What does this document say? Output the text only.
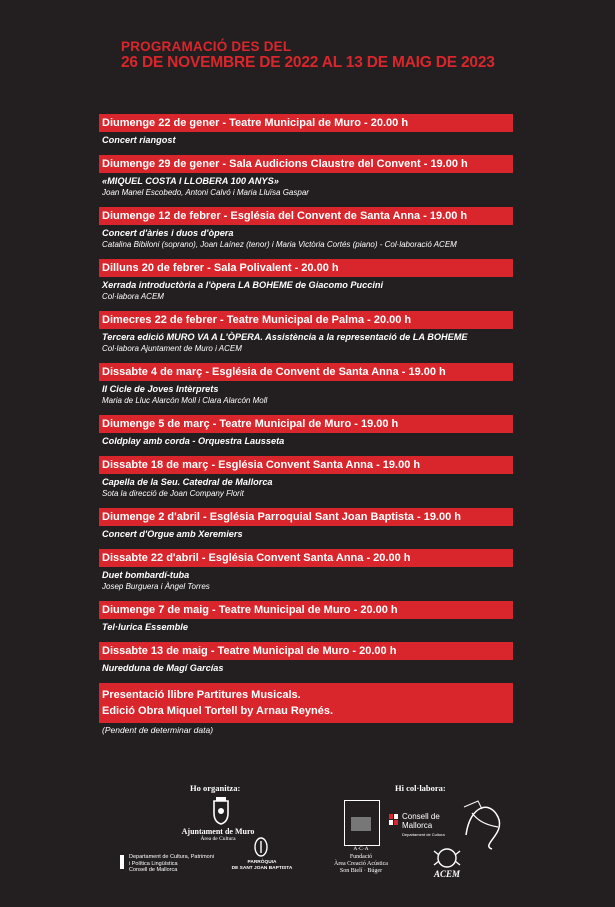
PROGRAMACIÓ DES DEL
26 DE NOVEMBRE DE 2022 AL 13 DE MAIG DE 2023
Diumenge 22 de gener - Teatre Municipal de Muro - 20.00 h
Concert riangost
Diumenge 29 de gener - Sala Audicions Claustre del Convent - 19.00 h
«MIQUEL COSTA I LLOBERA 100 ANYS»
Joan Manel Escobedo, Antoni Calvó i Maria Lluïsa Gaspar
Diumenge 12 de febrer - Església del Convent de Santa Anna - 19.00 h
Concert d'àries i duos d'òpera
Catalina Bibiloni (soprano), Joan Laínez (tenor) i Maria Victòria Cortés (piano) - Col·laboració ACEM
Dilluns 20 de febrer - Sala Polivalent - 20.00 h
Xerrada introductòria a l'òpera LA BOHEME de Giacomo Puccini
Col·labora ACEM
Dimecres 22 de febrer - Teatre Municipal de Palma - 20.00 h
Tercera edició MURO VA A L'ÒPERA. Assistència a la representació de LA BOHEME
Col·labora Ajuntament de Muro i ACEM
Dissabte 4 de març - Església de Convent de Santa Anna - 19.00 h
II Cicle de Joves Intèrprets
Maria de Lluc Alarcón Moll i Clara Alarcón Moll
Diumenge 5 de març - Teatre Municipal de Muro - 19.00 h
Coldplay amb corda - Orquestra Lausseta
Dissabte 18 de març - Església Convent Santa Anna - 19.00 h
Capella de la Seu. Catedral de Mallorca
Sota la direcció de Joan Company Florit
Diumenge 2 d'abril - Església Parroquial Sant Joan Baptista - 19.00 h
Concert d'Orgue amb Xeremiers
Dissabte 22 d'abril - Església Convent Santa Anna - 20.00 h
Duet bombardí-tuba
Josep Burguera i Àngel Torres
Diumenge 7 de maig - Teatre Municipal de Muro - 20.00 h
Tel·lurica Essemble
Dissabte 13 de maig - Teatre Municipal de Muro - 20.00 h
Nuredduna de Magí Garcías
Presentació llibre Partitures Musicals.
Edició Obra Miquel Tortell by Arnau Reynés.
(Pendent de determinar data)
Ho organitza:	Hi col·labora:
Ajuntament de Muro
Àrea de Cultura
Departament de Cultura, Patrimoni
i Política Lingüística
Consell de Mallorca
PARRÒQUIA
DE SANT JOAN BAPTISTA
A·C·A
Fundació
Àrea Creació Acústica
Son Bielí · Búger
Consell de
Mallorca
Departament de Cultura
ACEM
